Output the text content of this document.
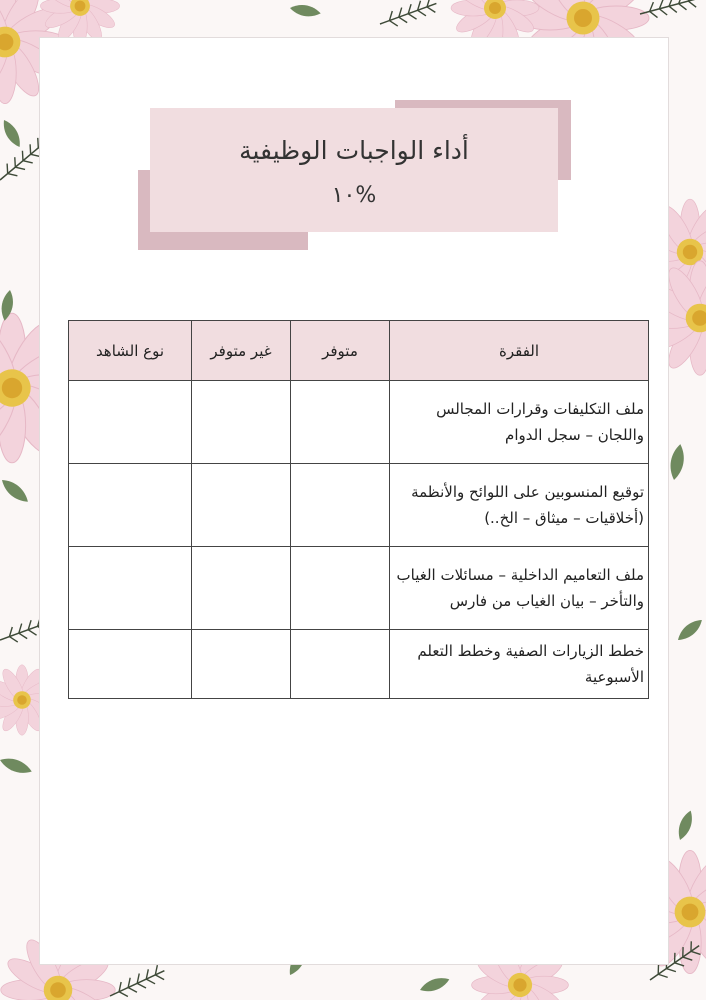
أداء الواجبات الوظيفية
%١٠
الفقرة	متوفر	غير متوفر	نوع الشاهد
ملف التكليفات وقرارات المجالس واللجان – سجل الدوام			
توقيع المنسوبين على اللوائح والأنظمة (أخلاقيات – ميثاق – الخ..)			
ملف التعاميم الداخلية – مسائلات الغياب والتأخر – بيان الغياب من فارس			
خطط الزيارات الصفية وخطط التعلم الأسبوعية			
